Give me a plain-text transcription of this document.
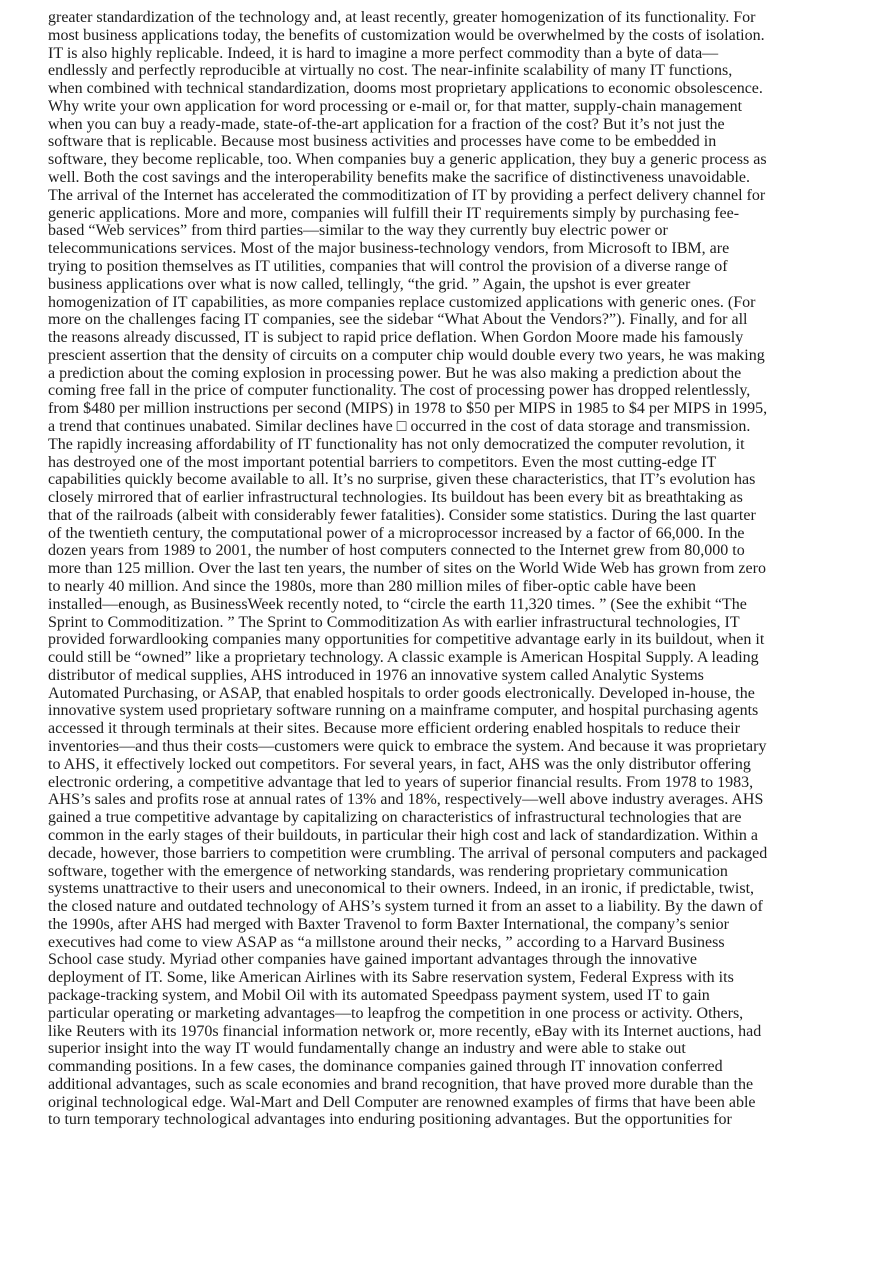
greater standardization of the technology and, at least recently, greater homogenization of its functionality. For
most business applications today, the benefits of customization would be overwhelmed by the costs of isolation.
IT is also highly replicable. Indeed, it is hard to imagine a more perfect commodity than a byte of data—
endlessly and perfectly reproducible at virtually no cost. The near-infinite scalability of many IT functions,
when combined with technical standardization, dooms most proprietary applications to economic obsolescence.
Why write your own application for word processing or e-mail or, for that matter, supply-chain management
when you can buy a ready-made, state-of-the-art application for a fraction of the cost? But it’s not just the
software that is replicable. Because most business activities and processes have come to be embedded in
software, they become replicable, too. When companies buy a generic application, they buy a generic process as
well. Both the cost savings and the interoperability benefits make the sacrifice of distinctiveness unavoidable.
The arrival of the Internet has accelerated the commoditization of IT by providing a perfect delivery channel for
generic applications. More and more, companies will fulfill their IT requirements simply by purchasing fee-
based “Web services” from third parties—similar to the way they currently buy electric power or
telecommunications services. Most of the major business-technology vendors, from Microsoft to IBM, are
trying to position themselves as IT utilities, companies that will control the provision of a diverse range of
business applications over what is now called, tellingly, “the grid. ” Again, the upshot is ever greater
homogenization of IT capabilities, as more companies replace customized applications with generic ones. (For
more on the challenges facing IT companies, see the sidebar “What About the Vendors?”). Finally, and for all
the reasons already discussed, IT is subject to rapid price deflation. When Gordon Moore made his famously
prescient assertion that the density of circuits on a computer chip would double every two years, he was making
a prediction about the coming explosion in processing power. But he was also making a prediction about the
coming free fall in the price of computer functionality. The cost of processing power has dropped relentlessly,
from $480 per million instructions per second (MIPS) in 1978 to $50 per MIPS in 1985 to $4 per MIPS in 1995,
a trend that continues unabated. Similar declines have □ occurred in the cost of data storage and transmission.
The rapidly increasing affordability of IT functionality has not only democratized the computer revolution, it
has destroyed one of the most important potential barriers to competitors. Even the most cutting-edge IT
capabilities quickly become available to all. It’s no surprise, given these characteristics, that IT’s evolution has
closely mirrored that of earlier infrastructural technologies. Its buildout has been every bit as breathtaking as
that of the railroads (albeit with considerably fewer fatalities). Consider some statistics. During the last quarter
of the twentieth century, the computational power of a microprocessor increased by a factor of 66,000. In the
dozen years from 1989 to 2001, the number of host computers connected to the Internet grew from 80,000 to
more than 125 million. Over the last ten years, the number of sites on the World Wide Web has grown from zero
to nearly 40 million. And since the 1980s, more than 280 million miles of fiber-optic cable have been
installed—enough, as BusinessWeek recently noted, to “circle the earth 11,320 times. ” (See the exhibit “The
Sprint to Commoditization. ” The Sprint to Commoditization As with earlier infrastructural technologies, IT
provided forwardlooking companies many opportunities for competitive advantage early in its buildout, when it
could still be “owned” like a proprietary technology. A classic example is American Hospital Supply. A leading
distributor of medical supplies, AHS introduced in 1976 an innovative system called Analytic Systems
Automated Purchasing, or ASAP, that enabled hospitals to order goods electronically. Developed in-house, the
innovative system used proprietary software running on a mainframe computer, and hospital purchasing agents
accessed it through terminals at their sites. Because more efficient ordering enabled hospitals to reduce their
inventories—and thus their costs—customers were quick to embrace the system. And because it was proprietary
to AHS, it effectively locked out competitors. For several years, in fact, AHS was the only distributor offering
electronic ordering, a competitive advantage that led to years of superior financial results. From 1978 to 1983,
AHS’s sales and profits rose at annual rates of 13% and 18%, respectively—well above industry averages. AHS
gained a true competitive advantage by capitalizing on characteristics of infrastructural technologies that are
common in the early stages of their buildouts, in particular their high cost and lack of standardization. Within a
decade, however, those barriers to competition were crumbling. The arrival of personal computers and packaged
software, together with the emergence of networking standards, was rendering proprietary communication
systems unattractive to their users and uneconomical to their owners. Indeed, in an ironic, if predictable, twist,
the closed nature and outdated technology of AHS’s system turned it from an asset to a liability. By the dawn of
the 1990s, after AHS had merged with Baxter Travenol to form Baxter International, the company’s senior
executives had come to view ASAP as “a millstone around their necks, ” according to a Harvard Business
School case study. Myriad other companies have gained important advantages through the innovative
deployment of IT. Some, like American Airlines with its Sabre reservation system, Federal Express with its
package-tracking system, and Mobil Oil with its automated Speedpass payment system, used IT to gain
particular operating or marketing advantages—to leapfrog the competition in one process or activity. Others,
like Reuters with its 1970s financial information network or, more recently, eBay with its Internet auctions, had
superior insight into the way IT would fundamentally change an industry and were able to stake out
commanding positions. In a few cases, the dominance companies gained through IT innovation conferred
additional advantages, such as scale economies and brand recognition, that have proved more durable than the
original technological edge. Wal-Mart and Dell Computer are renowned examples of firms that have been able
to turn temporary technological advantages into enduring positioning advantages. But the opportunities for
